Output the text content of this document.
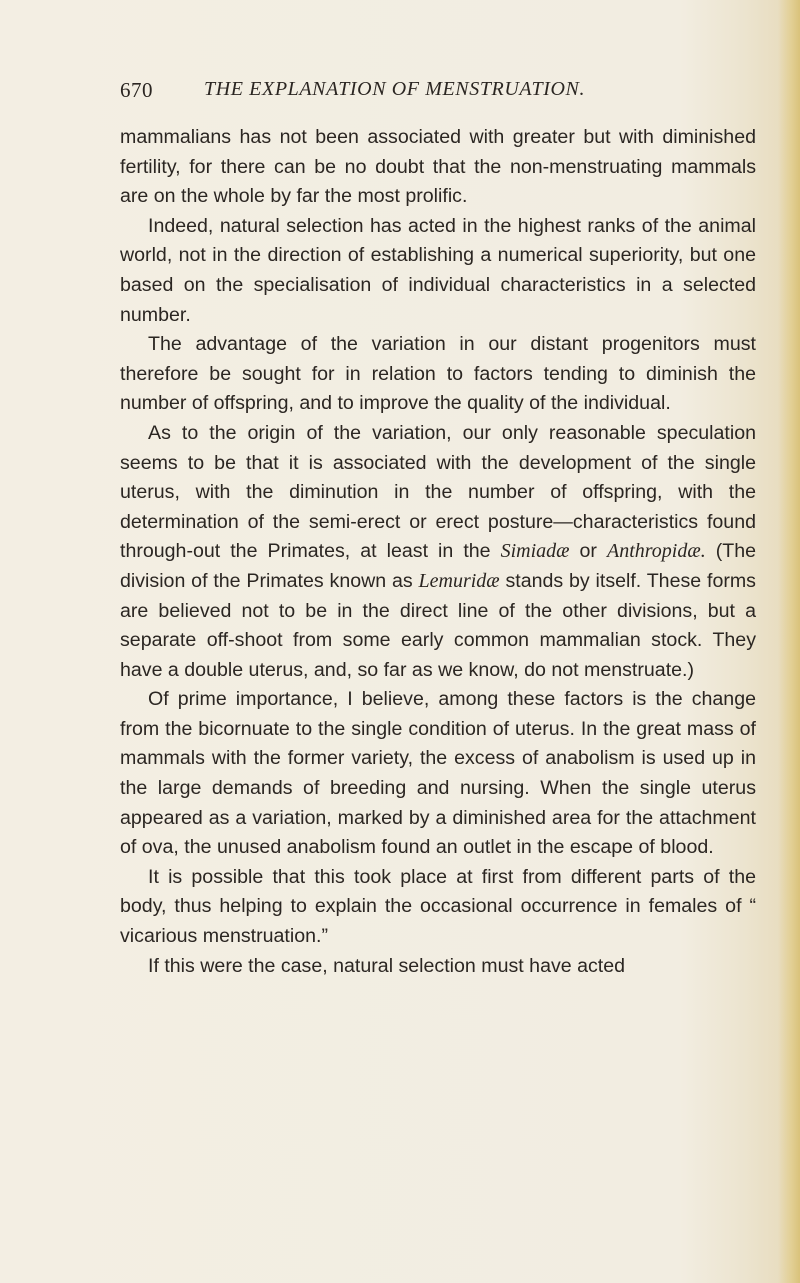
670	THE EXPLANATION OF MENSTRUATION.

mammalians has not been associated with greater but with diminished fertility, for there can be no doubt that the non-menstruating mammals are on the whole by far the most prolific.

Indeed, natural selection has acted in the highest ranks of the animal world, not in the direction of establishing a numerical superiority, but one based on the specialisation of individual characteristics in a selected number.

The advantage of the variation in our distant progenitors must therefore be sought for in relation to factors tending to diminish the number of offspring, and to improve the quality of the individual.

As to the origin of the variation, our only reasonable speculation seems to be that it is associated with the development of the single uterus, with the diminution in the number of offspring, with the determination of the semi-erect or erect posture—characteristics found through-out the Primates, at least in the Simiadæ or Anthropidæ. (The division of the Primates known as Lemuridæ stands by itself. These forms are believed not to be in the direct line of the other divisions, but a separate off-shoot from some early common mammalian stock. They have a double uterus, and, so far as we know, do not menstruate.)

Of prime importance, I believe, among these factors is the change from the bicornuate to the single condition of uterus. In the great mass of mammals with the former variety, the excess of anabolism is used up in the large demands of breeding and nursing. When the single uterus appeared as a variation, marked by a diminished area for the attachment of ova, the unused anabolism found an outlet in the escape of blood.

It is possible that this took place at first from different parts of the body, thus helping to explain the occasional occurrence in females of “ vicarious menstruation.”

If this were the case, natural selection must have acted
